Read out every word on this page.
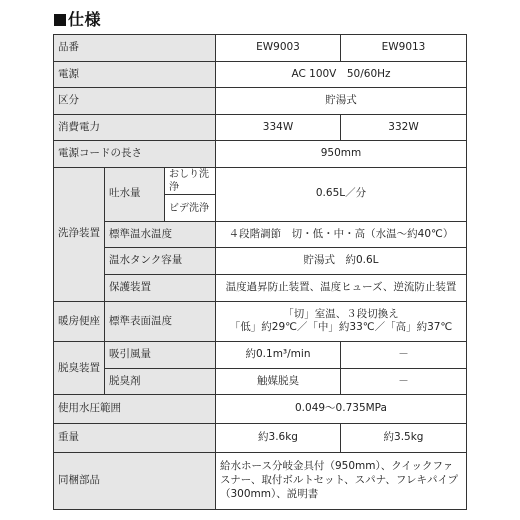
仕様
品番			EW9003	EW9013
電源			AC 100V　50/60Hz	
区分			貯湯式	
消費電力			334W	332W
電源コードの長さ			950mm	
洗浄装置	吐水量	おしり洗浄	0.65L／分	
		ビデ洗浄		
	標準温水温度		４段階調節　切・低・中・高（水温～約40℃）	
	温水タンク容量		貯湯式　約0.6L	
	保護装置		温度過昇防止装置、温度ヒューズ、逆流防止装置	
暖房便座	標準表面温度		「切」室温、３段切換え
「低」約29℃／「中」約33℃／「高」約37℃	

脱臭装置	吸引風量		約0.1m³/min	－
	脱臭剤		触媒脱臭	－
使用水圧範囲			0.049～0.735MPa	
重量			約3.6kg	約3.5kg
同梱部品			給水ホース分岐金具付（950mm）、クイックファスナー、取付ボルトセット、スパナ、フレキパイプ（300mm）、説明書	
